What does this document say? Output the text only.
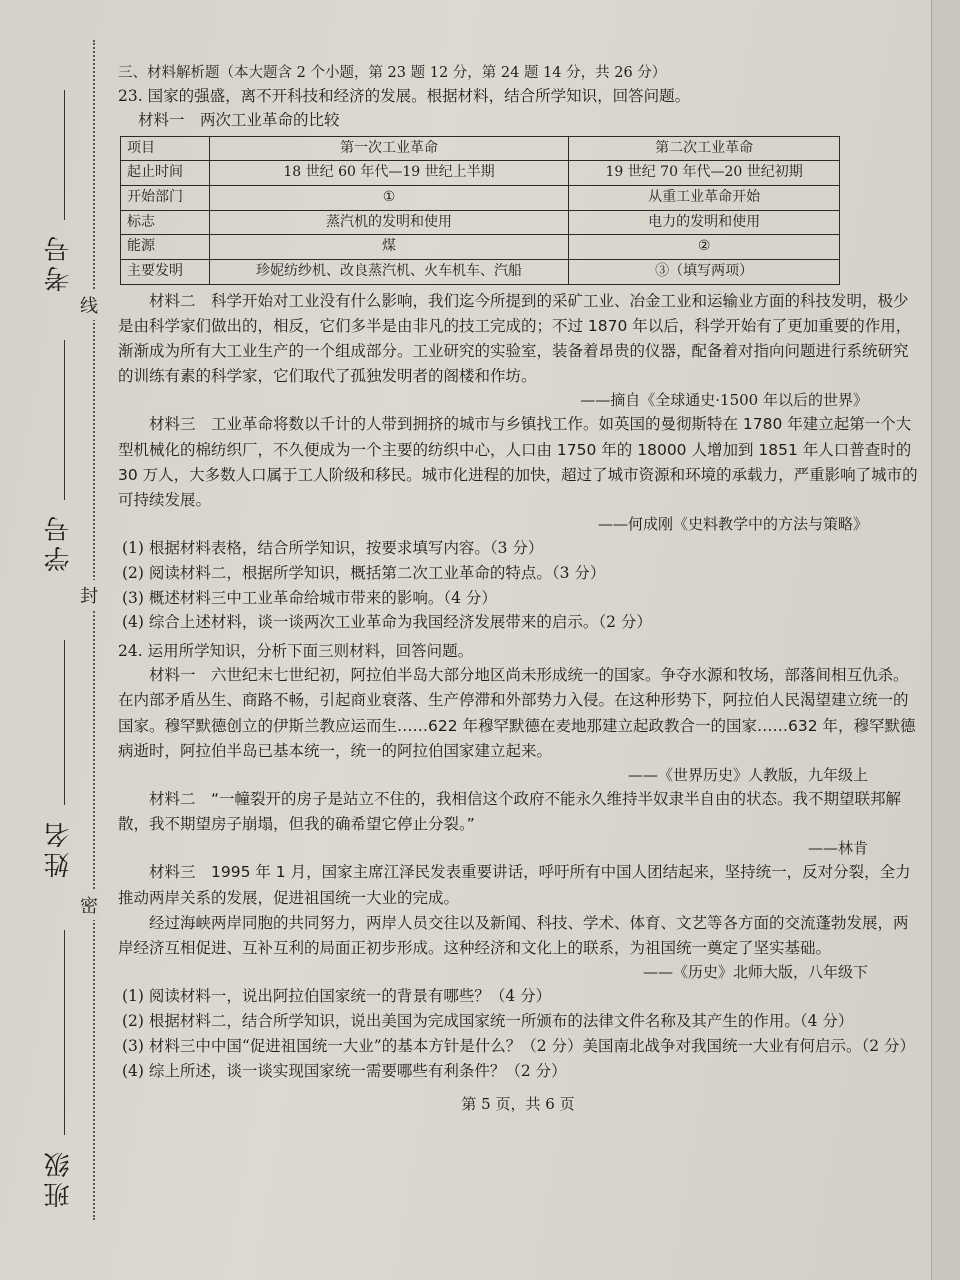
考号
学号
姓名
班级
线
封
密
三、材料解析题（本大题含 2 个小题，第 23 题 12 分，第 24 题 14 分，共 26 分）
23. 国家的强盛，离不开科技和经济的发展。根据材料，结合所学知识，回答问题。
材料一　两次工业革命的比较
项目	第一次工业革命	第二次工业革命
起止时间	18 世纪 60 年代—19 世纪上半期	19 世纪 70 年代—20 世纪初期
开始部门	①	从重工业革命开始
标志	蒸汽机的发明和使用	电力的发明和使用
能源	煤	②
主要发明	珍妮纺纱机、改良蒸汽机、火车机车、汽船	③（填写两项）
材料二　科学开始对工业没有什么影响，我们迄今所提到的采矿工业、冶金工业和运输业方面的科技发明，极少是由科学家们做出的，相反，它们多半是由非凡的技工完成的；不过 1870 年以后，科学开始有了更加重要的作用，渐渐成为所有大工业生产的一个组成部分。工业研究的实验室，装备着昂贵的仪器，配备着对指向问题进行系统研究的训练有素的科学家，它们取代了孤独发明者的阁楼和作坊。
——摘自《全球通史·1500 年以后的世界》
材料三　工业革命将数以千计的人带到拥挤的城市与乡镇找工作。如英国的曼彻斯特在 1780 年建立起第一个大型机械化的棉纺织厂，不久便成为一个主要的纺织中心，人口由 1750 年的 18000 人增加到 1851 年人口普查时的 30 万人，大多数人口属于工人阶级和移民。城市化进程的加快，超过了城市资源和环境的承载力，严重影响了城市的可持续发展。
——何成刚《史料教学中的方法与策略》
(1) 根据材料表格，结合所学知识，按要求填写内容。（3 分）
(2) 阅读材料二，根据所学知识，概括第二次工业革命的特点。（3 分）
(3) 概述材料三中工业革命给城市带来的影响。（4 分）
(4) 综合上述材料，谈一谈两次工业革命为我国经济发展带来的启示。（2 分）
24. 运用所学知识，分析下面三则材料，回答问题。
材料一　六世纪末七世纪初，阿拉伯半岛大部分地区尚未形成统一的国家。争夺水源和牧场，部落间相互仇杀。在内部矛盾丛生、商路不畅，引起商业衰落、生产停滞和外部势力入侵。在这种形势下，阿拉伯人民渴望建立统一的国家。穆罕默德创立的伊斯兰教应运而生……622 年穆罕默德在麦地那建立起政教合一的国家……632 年，穆罕默德病逝时，阿拉伯半岛已基本统一，统一的阿拉伯国家建立起来。
——《世界历史》人教版，九年级上
材料二　“一幢裂开的房子是站立不住的，我相信这个政府不能永久维持半奴隶半自由的状态。我不期望联邦解散，我不期望房子崩塌，但我的确希望它停止分裂。”
——林肯
材料三　1995 年 1 月，国家主席江泽民发表重要讲话，呼吁所有中国人团结起来，坚持统一，反对分裂，全力推动两岸关系的发展，促进祖国统一大业的完成。
经过海峡两岸同胞的共同努力，两岸人员交往以及新闻、科技、学术、体育、文艺等各方面的交流蓬勃发展，两岸经济互相促进、互补互利的局面正初步形成。这种经济和文化上的联系，为祖国统一奠定了坚实基础。
——《历史》北师大版，八年级下
(1) 阅读材料一，说出阿拉伯国家统一的背景有哪些？（4 分）
(2) 根据材料二，结合所学知识，说出美国为完成国家统一所颁布的法律文件名称及其产生的作用。（4 分）
(3) 材料三中中国“促进祖国统一大业”的基本方针是什么？（2 分）美国南北战争对我国统一大业有何启示。（2 分）
(4) 综上所述，谈一谈实现国家统一需要哪些有利条件？（2 分）
第 5 页，共 6 页
